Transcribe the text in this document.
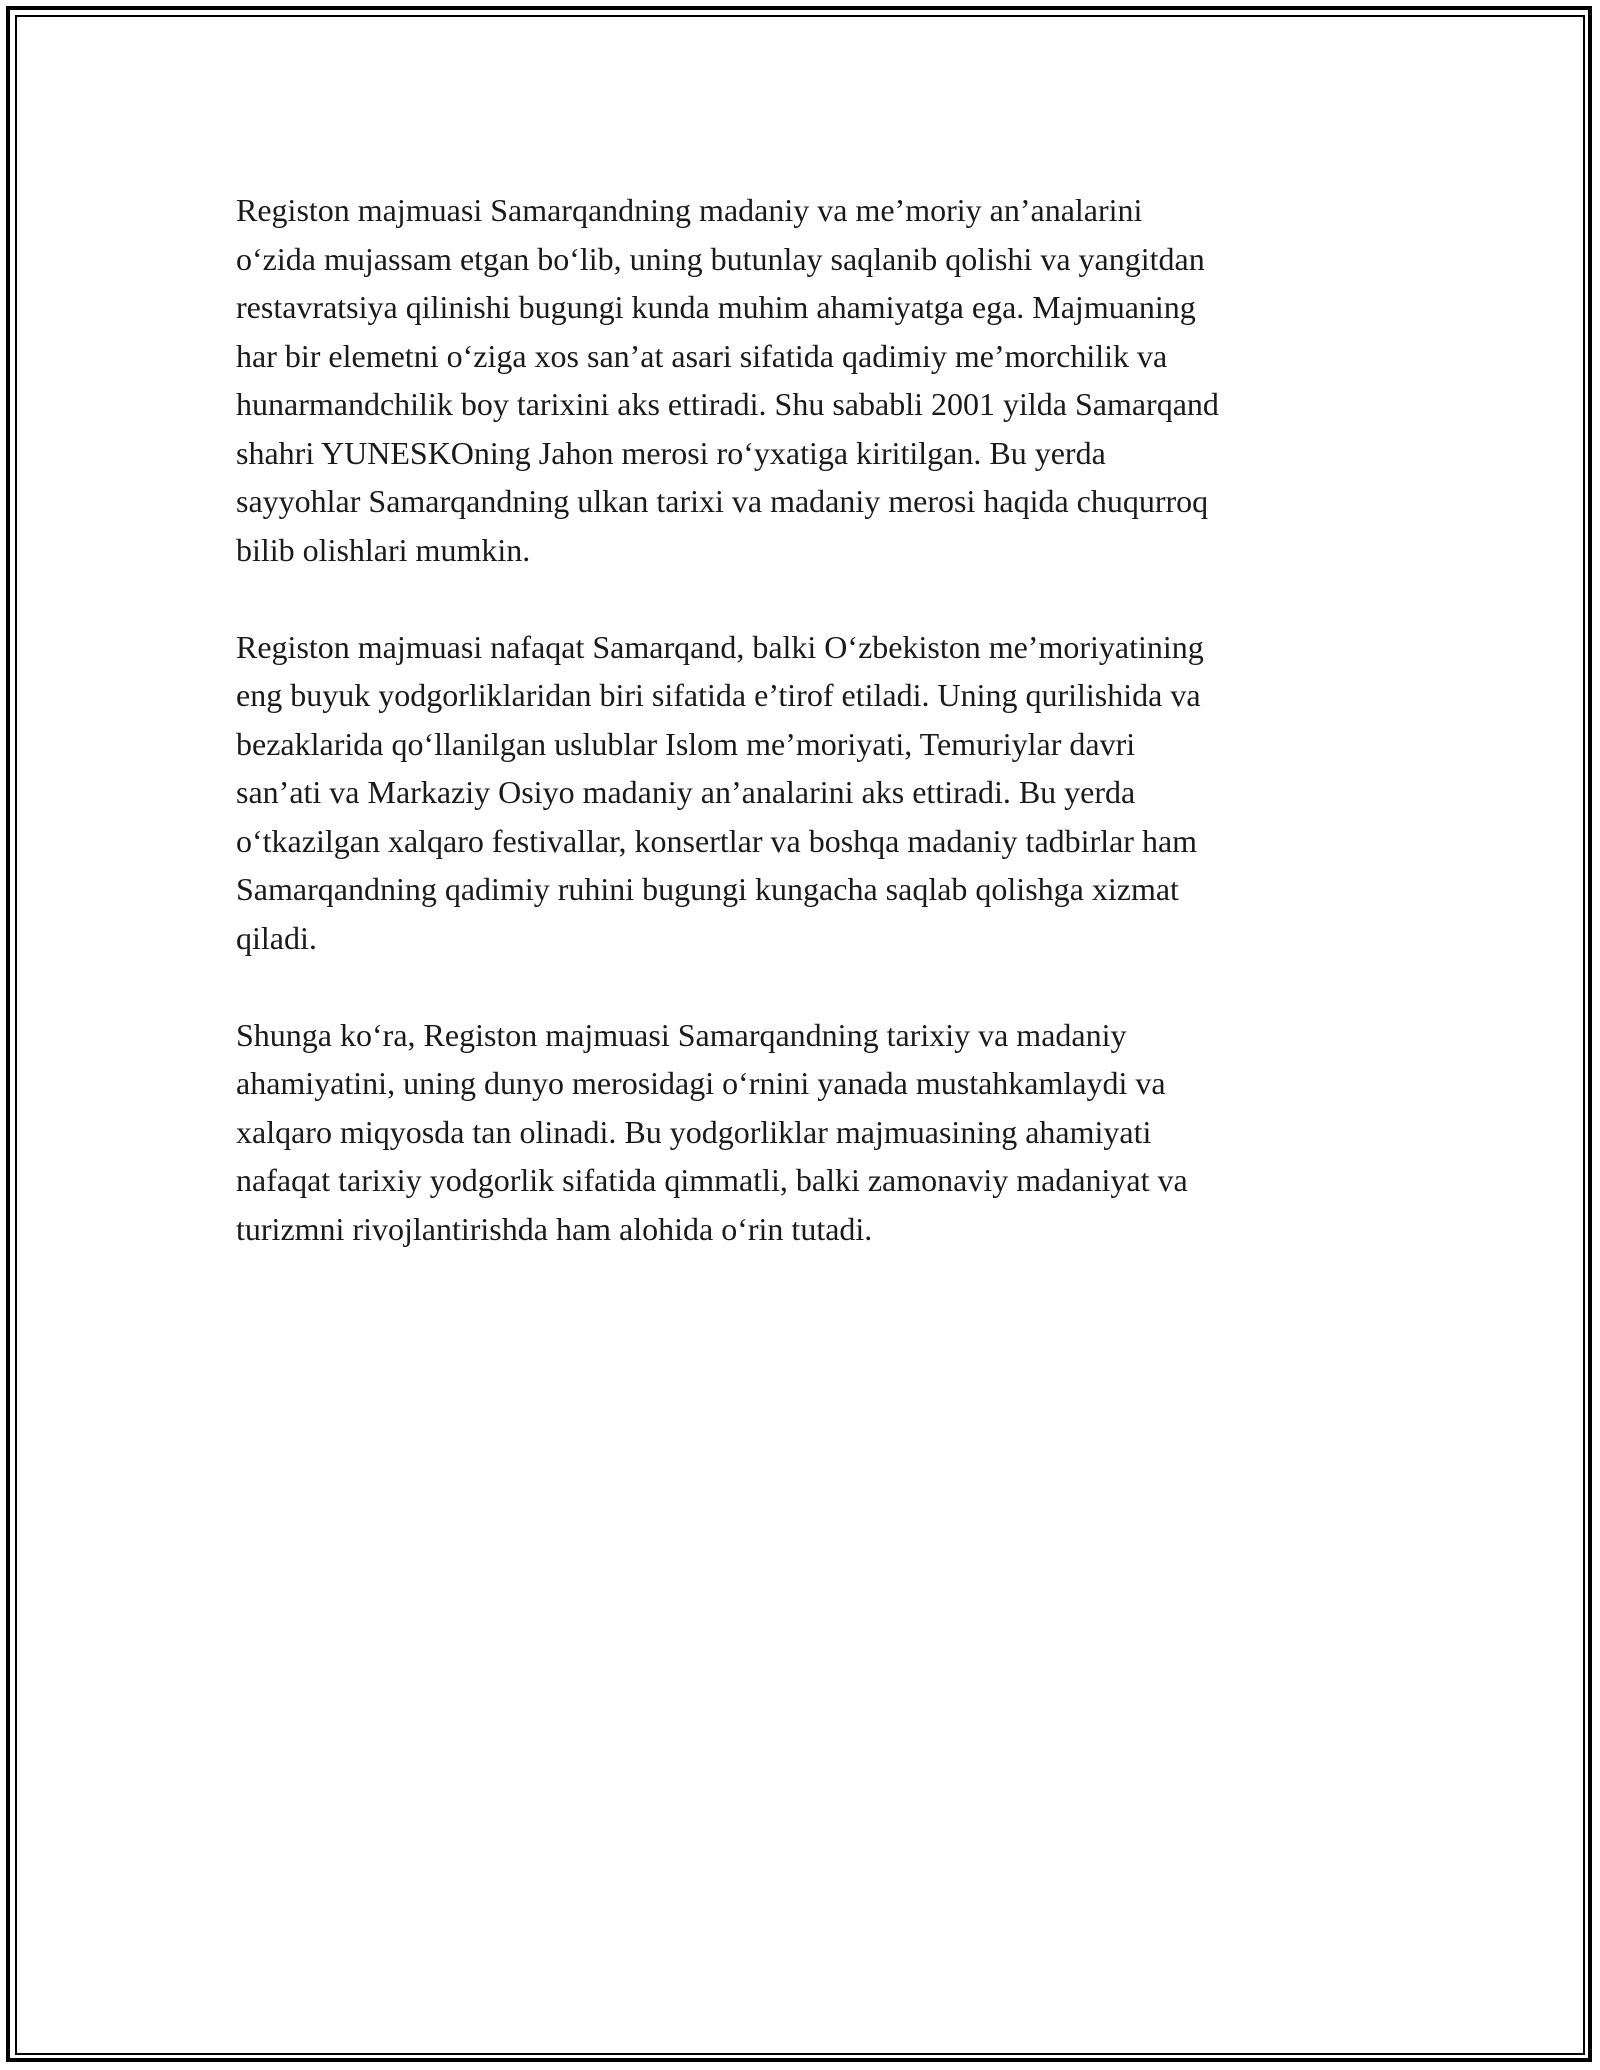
Registon majmuasi Samarqandning madaniy va me’moriy an’analarini
o‘zida mujassam etgan bo‘lib, uning butunlay saqlanib qolishi va yangitdan
restavratsiya qilinishi bugungi kunda muhim ahamiyatga ega. Majmuaning
har bir elemetni o‘ziga xos san’at asari sifatida qadimiy me’morchilik va
hunarmandchilik boy tarixini aks ettiradi. Shu sababli 2001 yilda Samarqand
shahri YUNESKOning Jahon merosi ro‘yxatiga kiritilgan. Bu yerda
sayyohlar Samarqandning ulkan tarixi va madaniy merosi haqida chuqurroq
bilib olishlari mumkin.

Registon majmuasi nafaqat Samarqand, balki O‘zbekiston me’moriyatining
eng buyuk yodgorliklaridan biri sifatida e’tirof etiladi. Uning qurilishida va
bezaklarida qo‘llanilgan uslublar Islom me’moriyati, Temuriylar davri
san’ati va Markaziy Osiyo madaniy an’analarini aks ettiradi. Bu yerda
o‘tkazilgan xalqaro festivallar, konsertlar va boshqa madaniy tadbirlar ham
Samarqandning qadimiy ruhini bugungi kungacha saqlab qolishga xizmat
qiladi.

Shunga ko‘ra, Registon majmuasi Samarqandning tarixiy va madaniy
ahamiyatini, uning dunyo merosidagi o‘rnini yanada mustahkamlaydi va
xalqaro miqyosda tan olinadi. Bu yodgorliklar majmuasining ahamiyati
nafaqat tarixiy yodgorlik sifatida qimmatli, balki zamonaviy madaniyat va
turizmni rivojlantirishda ham alohida o‘rin tutadi.
